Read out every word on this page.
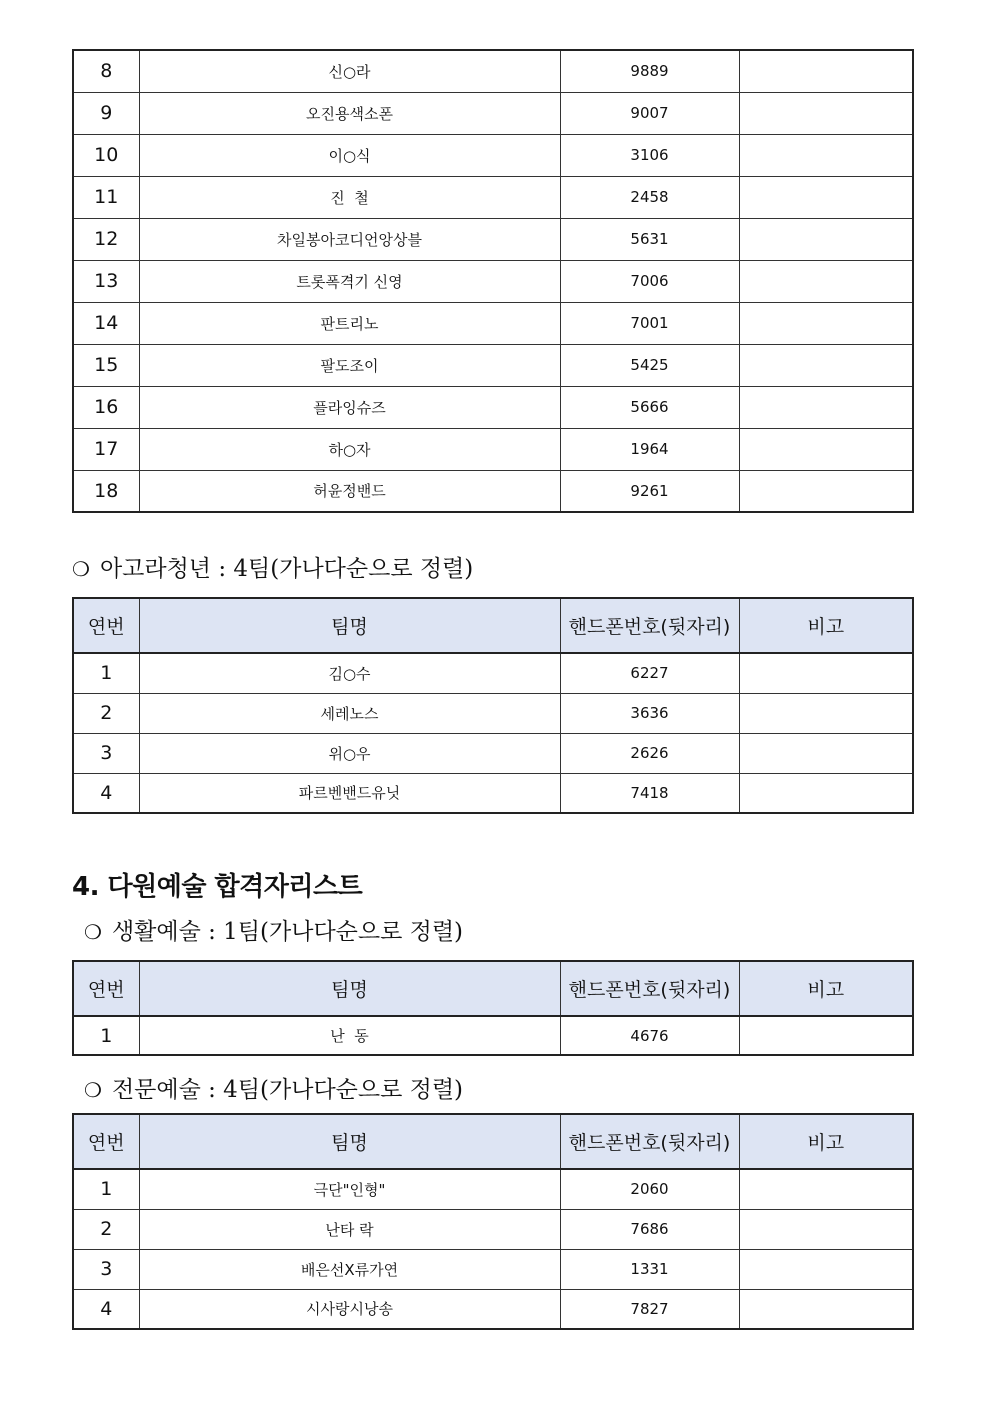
8	신○라	9889	
9	오진용색소폰	9007	
10	이○식	3106	
11	진  철	2458	
12	차일봉아코디언앙상블	5631	
13	트롯폭격기 신영	7006	
14	판트리노	7001	
15	팔도조이	5425	
16	플라잉슈즈	5666	
17	하○자	1964	
18	허윤정밴드	9261	
❍ 아고라청년 : 4팀(가나다순으로 정렬)
연번	팀명	핸드폰번호(뒷자리)	비고
1	김○수	6227	
2	세레노스	3636	
3	위○우	2626	
4	파르벤밴드유닛	7418	
4. 다원예술 합격자리스트
❍ 생활예술 : 1팀(가나다순으로 정렬)
연번	팀명	핸드폰번호(뒷자리)	비고
1	난  동	4676	
❍ 전문예술 : 4팀(가나다순으로 정렬)
연번	팀명	핸드폰번호(뒷자리)	비고
1	극단"인형"	2060	
2	난타 락	7686	
3	배은선X류가연	1331	
4	시사랑시낭송	7827	
